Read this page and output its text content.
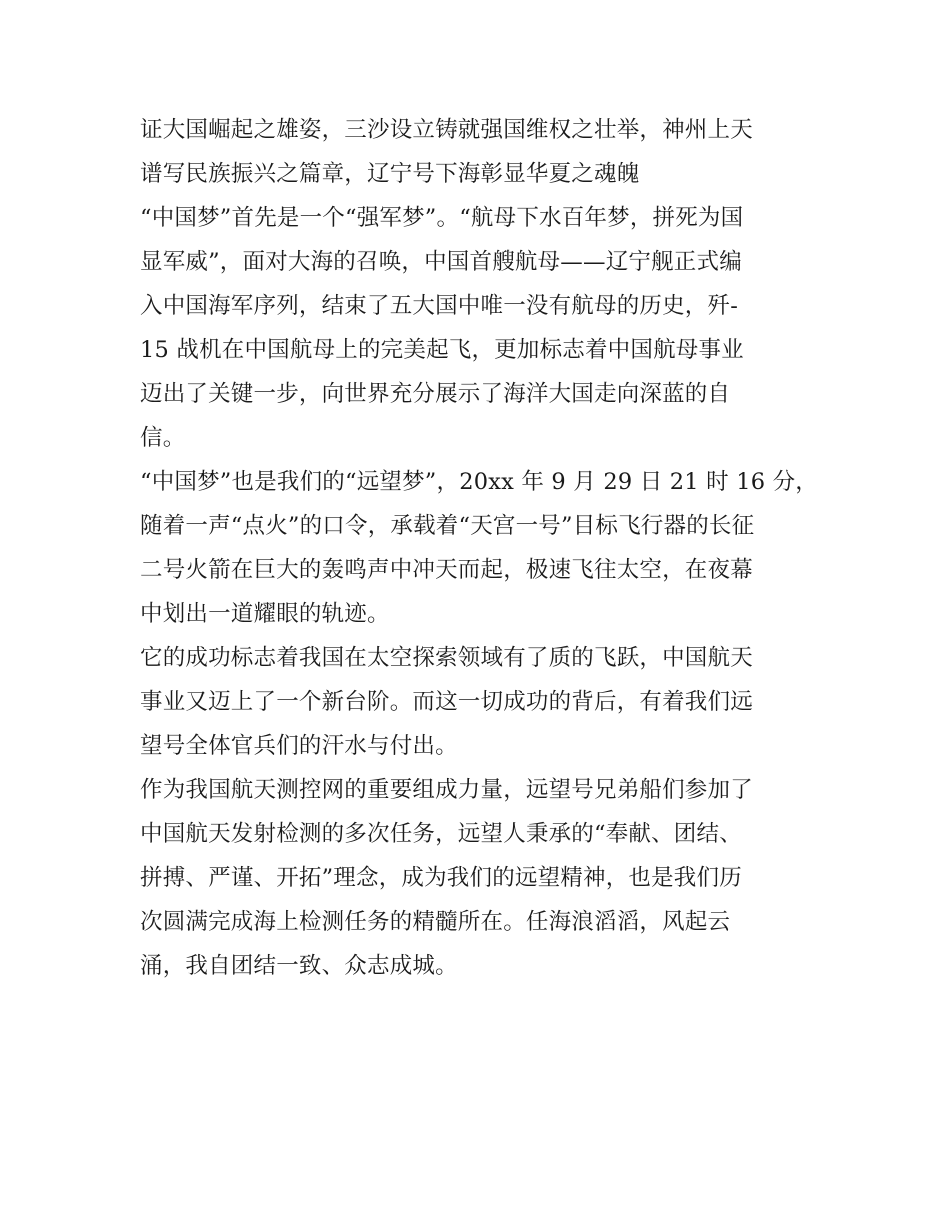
证大国崛起之雄姿，三沙设立铸就强国维权之壮举，神州上天
谱写民族振兴之篇章，辽宁号下海彰显华夏之魂魄
“中国梦”首先是一个“强军梦”。“航母下水百年梦，拼死为国
显军威”，面对大海的召唤，中国首艘航母——辽宁舰正式编
入中国海军序列，结束了五大国中唯一没有航母的历史，歼-
15 战机在中国航母上的完美起飞，更加标志着中国航母事业
迈出了关键一步，向世界充分展示了海洋大国走向深蓝的自
信。
“中国梦”也是我们的“远望梦”，20xx 年 9 月 29 日 21 时 16 分，
随着一声“点火”的口令，承载着“天宫一号”目标飞行器的长征
二号火箭在巨大的轰鸣声中冲天而起，极速飞往太空，在夜幕
中划出一道耀眼的轨迹。
它的成功标志着我国在太空探索领域有了质的飞跃，中国航天
事业又迈上了一个新台阶。而这一切成功的背后，有着我们远
望号全体官兵们的汗水与付出。
作为我国航天测控网的重要组成力量，远望号兄弟船们参加了
中国航天发射检测的多次任务，远望人秉承的“奉献、团结、
拼搏、严谨、开拓”理念，成为我们的远望精神，也是我们历
次圆满完成海上检测任务的精髓所在。任海浪滔滔，风起云
涌，我自团结一致、众志成城。
